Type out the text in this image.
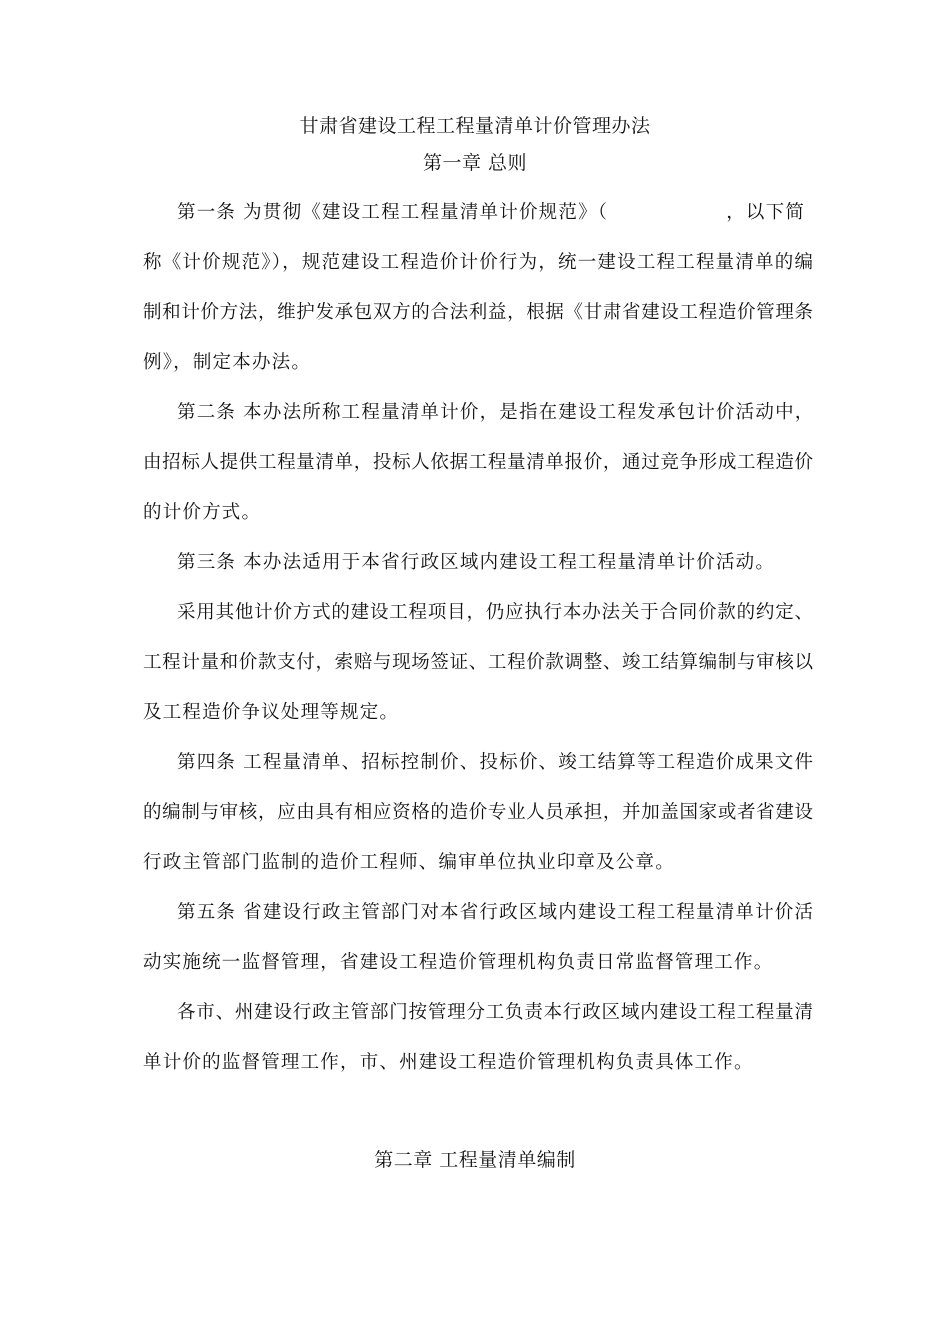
甘肃省建设工程工程量清单计价管理办法
第一章 总则
第一条 为贯彻《建设工程工程量清单计价规范》（	，以下简
称《计价规范》），规范建设工程造价计价行为，统一建设工程工程量清单的编
制和计价方法，维护发承包双方的合法利益，根据《甘肃省建设工程造价管理条
例》，制定本办法。
第二条 本办法所称工程量清单计价，是指在建设工程发承包计价活动中，
由招标人提供工程量清单，投标人依据工程量清单报价，通过竞争形成工程造价
的计价方式。
第三条 本办法适用于本省行政区域内建设工程工程量清单计价活动。
采用其他计价方式的建设工程项目，仍应执行本办法关于合同价款的约定、
工程计量和价款支付，索赔与现场签证、工程价款调整、竣工结算编制与审核以
及工程造价争议处理等规定。
第四条 工程量清单、招标控制价、投标价、竣工结算等工程造价成果文件
的编制与审核，应由具有相应资格的造价专业人员承担，并加盖国家或者省建设
行政主管部门监制的造价工程师、编审单位执业印章及公章。
第五条 省建设行政主管部门对本省行政区域内建设工程工程量清单计价活
动实施统一监督管理，省建设工程造价管理机构负责日常监督管理工作。
各市、州建设行政主管部门按管理分工负责本行政区域内建设工程工程量清
单计价的监督管理工作，市、州建设工程造价管理机构负责具体工作。
第二章 工程量清单编制
